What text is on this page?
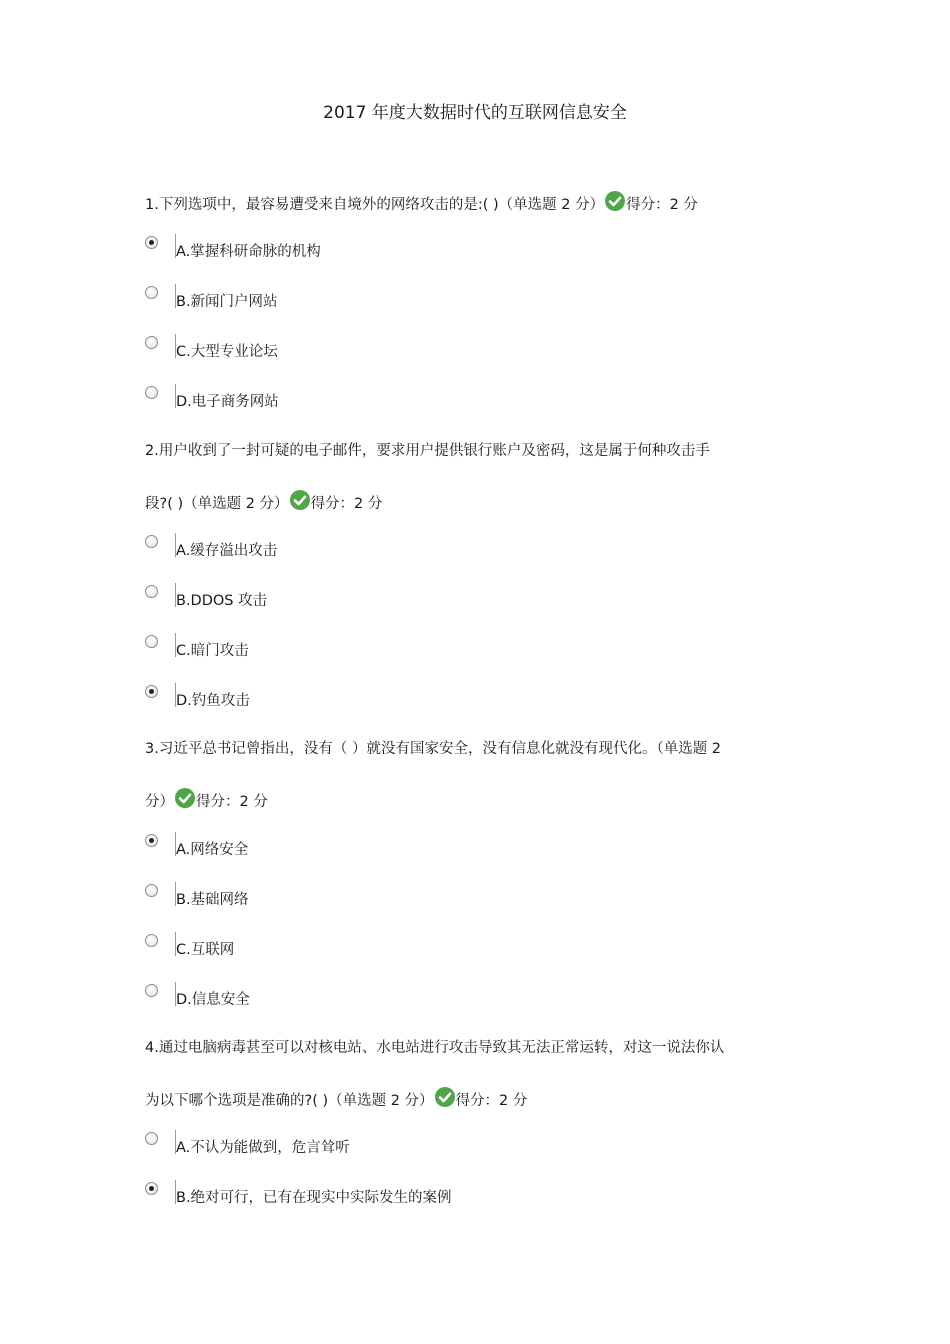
2017 年度大数据时代的互联网信息安全
1.下列选项中，最容易遭受来自境外的网络攻击的是:( )（单选题 2 分） 得分：2 分
A.掌握科研命脉的机构
B.新闻门户网站
C.大型专业论坛
D.电子商务网站
2.用户收到了一封可疑的电子邮件，要求用户提供银行账户及密码，这是属于何种攻击手
段?( )（单选题 2 分） 得分：2 分
A.缓存溢出攻击
B.DDOS 攻击
C.暗门攻击
D.钓鱼攻击
3.习近平总书记曾指出，没有（ ）就没有国家安全，没有信息化就没有现代化。（单选题 2
分） 得分：2 分
A.网络安全
B.基础网络
C.互联网
D.信息安全
4.通过电脑病毒甚至可以对核电站、水电站进行攻击导致其无法正常运转，对这一说法你认
为以下哪个选项是准确的?( )（单选题 2 分） 得分：2 分
A.不认为能做到，危言耸听
B.绝对可行，已有在现实中实际发生的案例
